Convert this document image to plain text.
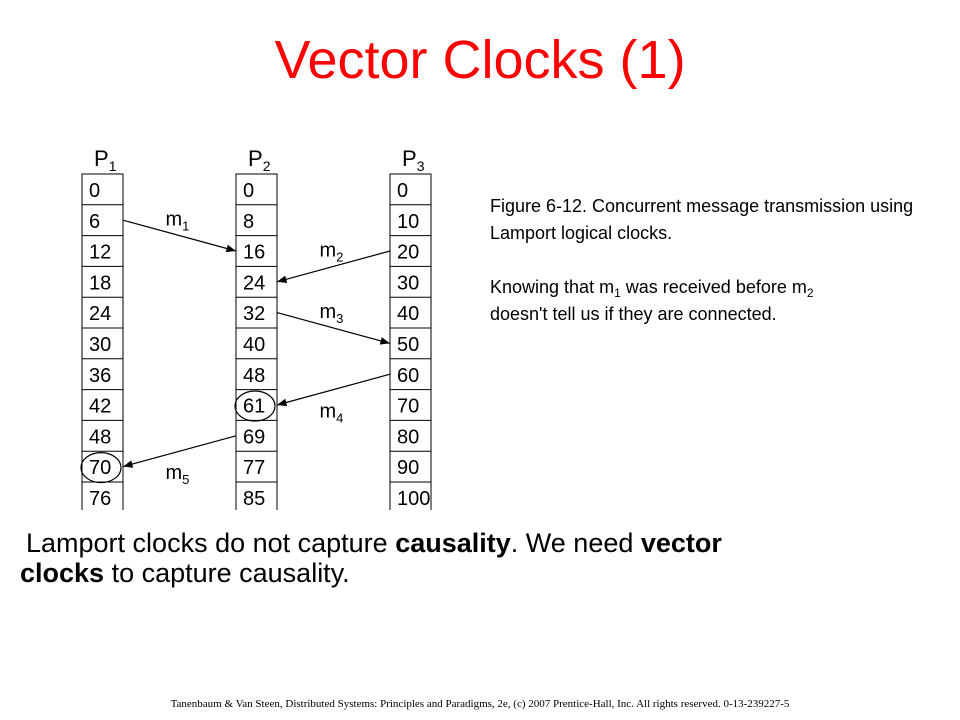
Vector Clocks (1)
$P_1$
0
6
12
18
24
30
36
42
48
70
76
$P_2$
0
8
16
24
32
40
48
61
69
77
85
$P_3$
0
10
20
30
40
50
60
70
80
90
100
$m_1$
$m_2$
$m_3$
$m_4$
$m_5$

Figure 6-12. Concurrent message transmission using Lamport logical clocks.

Knowing that $m_1$ was received before $m_2$
doesn't tell us if they are connected.

Lamport clocks do not capture causality. We need vector
clocks to capture causality.
Tanenbaum & Van Steen, Distributed Systems: Principles and Paradigms, 2e, (c) 2007 Prentice-Hall, Inc. All rights reserved. 0-13-239227-5
